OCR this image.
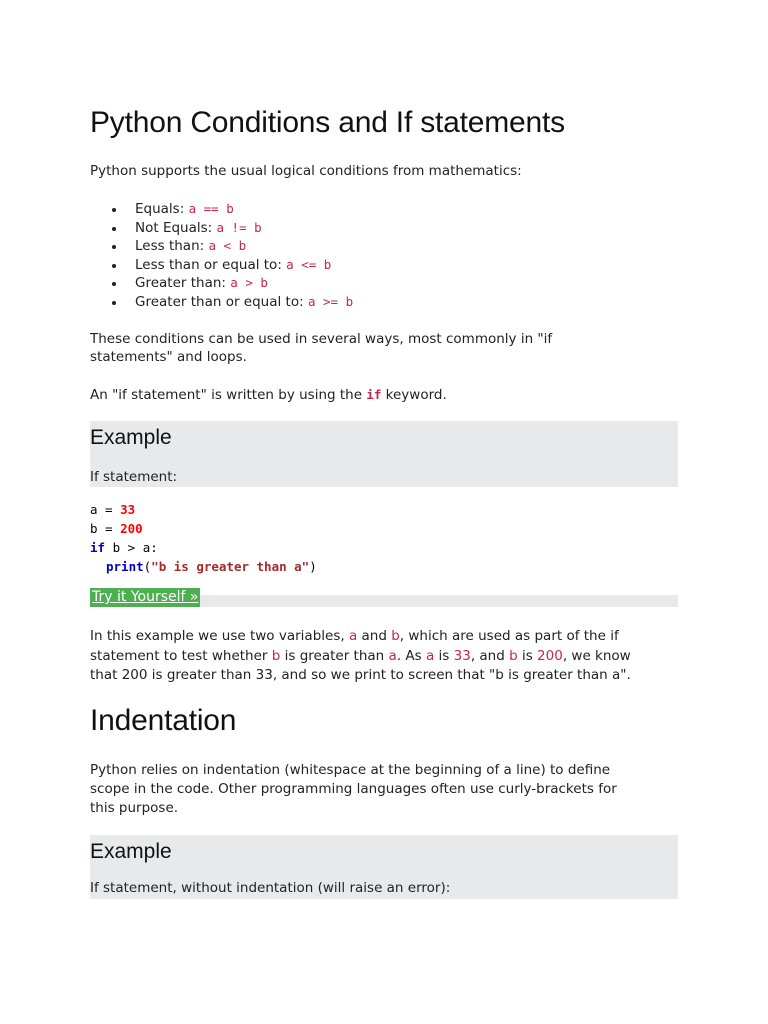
Python Conditions and If statements
Python supports the usual logical conditions from mathematics:
Equals: a == b
Not Equals: a != b
Less than: a < b
Less than or equal to: a <= b
Greater than: a > b
Greater than or equal to: a >= b
These conditions can be used in several ways, most commonly in "if
statements" and loops.
An "if statement" is written by using the if keyword.
Example
If statement:
a = 33
b = 200
if b > a:
print("b is greater than a")
Try it Yourself »
In this example we use two variables, a and b, which are used as part of the if
statement to test whether b is greater than a. As a is 33, and b is 200, we know
that 200 is greater than 33, and so we print to screen that "b is greater than a".
Indentation
Python relies on indentation (whitespace at the beginning of a line) to define
scope in the code. Other programming languages often use curly-brackets for
this purpose.
Example
If statement, without indentation (will raise an error):
